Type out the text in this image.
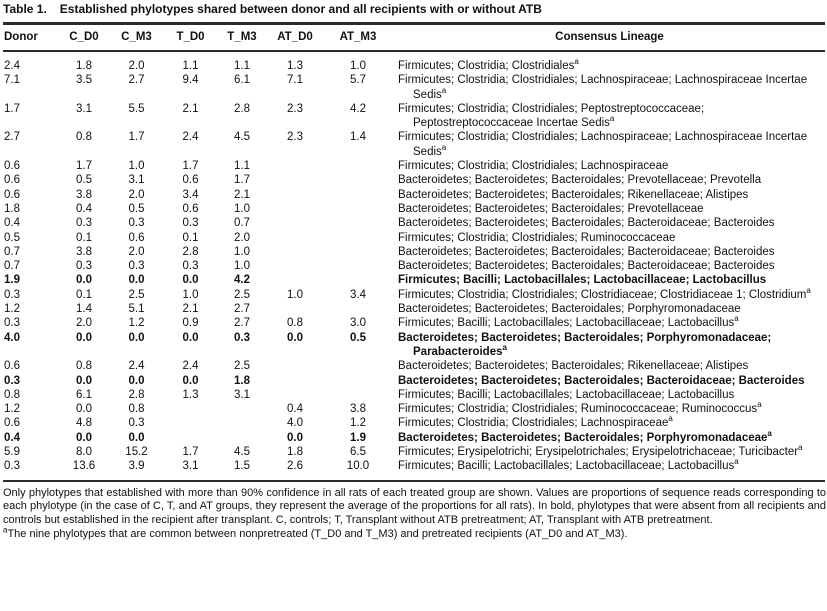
Table 1. Established phylotypes shared between donor and all recipients with or without ATB
Donor	C_D0	C_M3	T_D0	T_M3	AT_D0	AT_M3	Consensus Lineage
2.4	1.8	2.0	1.1	1.1	1.3	1.0	Firmicutes; Clostridia; Clostridiales$^a$
7.1	3.5	2.7	9.4	6.1	7.1	5.7	Firmicutes; Clostridia; Clostridiales; Lachnospiraceae; Lachnospiraceae Incertae Sedis$^a$
1.7	3.1	5.5	2.1	2.8	2.3	4.2	Firmicutes; Clostridia; Clostridiales; Peptostreptococcaceae; Peptostreptococcaceae Incertae Sedis$^a$
2.7	0.8	1.7	2.4	4.5	2.3	1.4	Firmicutes; Clostridia; Clostridiales; Lachnospiraceae; Lachnospiraceae Incertae Sedis$^a$
0.6	1.7	1.0	1.7	1.1			Firmicutes; Clostridia; Clostridiales; Lachnospiraceae
0.6	0.5	3.1	0.6	1.7			Bacteroidetes; Bacteroidetes; Bacteroidales; Prevotellaceae; Prevotella
0.6	3.8	2.0	3.4	2.1			Bacteroidetes; Bacteroidetes; Bacteroidales; Rikenellaceae; Alistipes
1.8	0.4	0.5	0.6	1.0			Bacteroidetes; Bacteroidetes; Bacteroidales; Prevotellaceae
0.4	0.3	0.3	0.3	0.7			Bacteroidetes; Bacteroidetes; Bacteroidales; Bacteroidaceae; Bacteroides
0.5	0.1	0.6	0.1	2.0			Firmicutes; Clostridia; Clostridiales; Ruminococcaceae
0.7	3.8	2.0	2.8	1.0			Bacteroidetes; Bacteroidetes; Bacteroidales; Bacteroidaceae; Bacteroides
0.7	0.3	0.3	0.3	1.0			Bacteroidetes; Bacteroidetes; Bacteroidales; Bacteroidaceae; Bacteroides
1.9	0.0	0.0	0.0	4.2			Firmicutes; Bacilli; Lactobacillales; Lactobacillaceae; Lactobacillus
0.3	0.1	2.5	1.0	2.5	1.0	3.4	Firmicutes; Clostridia; Clostridiales; Clostridiaceae; Clostridiaceae 1; Clostridium$^a$
1.2	1.4	5.1	2.1	2.7			Bacteroidetes; Bacteroidetes; Bacteroidales; Porphyromonadaceae
0.3	2.0	1.2	0.9	2.7	0.8	3.0	Firmicutes; Bacilli; Lactobacillales; Lactobacillaceae; Lactobacillus$^a$
4.0	0.0	0.0	0.0	0.3	0.0	0.5	Bacteroidetes; Bacteroidetes; Bacteroidales; Porphyromonadaceae; Parabacteroides$^a$
0.6	0.8	2.4	2.4	2.5			Bacteroidetes; Bacteroidetes; Bacteroidales; Rikenellaceae; Alistipes
0.3	0.0	0.0	0.0	1.8			Bacteroidetes; Bacteroidetes; Bacteroidales; Bacteroidaceae; Bacteroides
0.8	6.1	2.8	1.3	3.1			Firmicutes; Bacilli; Lactobacillales; Lactobacillaceae; Lactobacillus
1.2	0.0	0.8			0.4	3.8	Firmicutes; Clostridia; Clostridiales; Ruminococcaceae; Ruminococcus$^a$
0.6	4.8	0.3			4.0	1.2	Firmicutes; Clostridia; Clostridiales; Lachnospiraceae$^a$
0.4	0.0	0.0			0.0	1.9	Bacteroidetes; Bacteroidetes; Bacteroidales; Porphyromonadaceae$^a$
5.9	8.0	15.2	1.7	4.5	1.8	6.5	Firmicutes; Erysipelotrichi; Erysipelotrichales; Erysipelotrichaceae; Turicibacter$^a$
0.3	13.6	3.9	3.1	1.5	2.6	10.0	Firmicutes; Bacilli; Lactobacillales; Lactobacillaceae; Lactobacillus$^a$
Only phylotypes that established with more than 90% confidence in all rats of each treated group are shown. Values are proportions of sequence reads corresponding to each phylotype (in the case of C, T, and AT groups, they represent the average of the proportions for all rats). In bold, phylotypes that were absent from all recipients and controls but established in the recipient after transplant. C, controls; T, Transplant without ATB pretreatment; AT, Transplant with ATB pretreatment.
$^a$The nine phylotypes that are common between nonpretreated (T_D0 and T_M3) and pretreated recipients (AT_D0 and AT_M3).
